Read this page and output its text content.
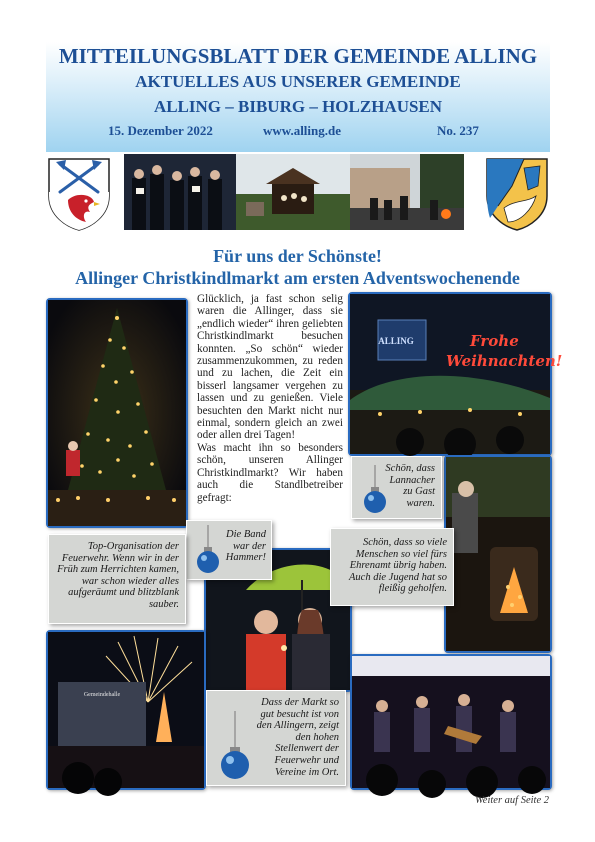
MITTEILUNGSBLATT DER GEMEINDE ALLING
AKTUELLES AUS UNSERER GEMEINDE
ALLING – BIBURG – HOLZHAUSEN
15. Dezember 2022	www.alling.de	No. 237
Für uns der Schönste!
Allinger Christkindlmarkt am ersten Adventswochenende

Glücklich, ja fast schon selig waren die Allinger, dass sie „endlich wieder“ ihren geliebten Christkindlmarkt besuchen konnten. „So schön“ wieder zusammenzukommen, zu reden und zu lachen, die Zeit ein bisserl langsamer vergehen zu lassen und zu genießen. Viele besuchten den Markt nicht nur einmal, sondern gleich an zwei oder allen drei Tagen!

Was macht ihn so besonders schön, unseren Allinger Christkindlmarkt? Wir haben auch die Standlbetreiber gefragt:

ALLING	Frohe
Weihnachten!
Gemeindehalle
Schön, dass Lannacher zu Gast waren.
Die Band war der Hammer!
Top-Organisation der Feuerwehr. Wenn wir in der Früh zum Herrichten kamen, war schon wieder alles aufgeräumt und blitzblank sauber.
Schön, dass so viele Menschen so viel fürs Ehrenamt übrig haben. Auch die Jugend hat so fleißig geholfen.
Dass der Markt so gut besucht ist von den Allingern, zeigt den hohen Stellenwert der Feuerwehr und Vereine im Ort.
Weiter auf Seite 2
